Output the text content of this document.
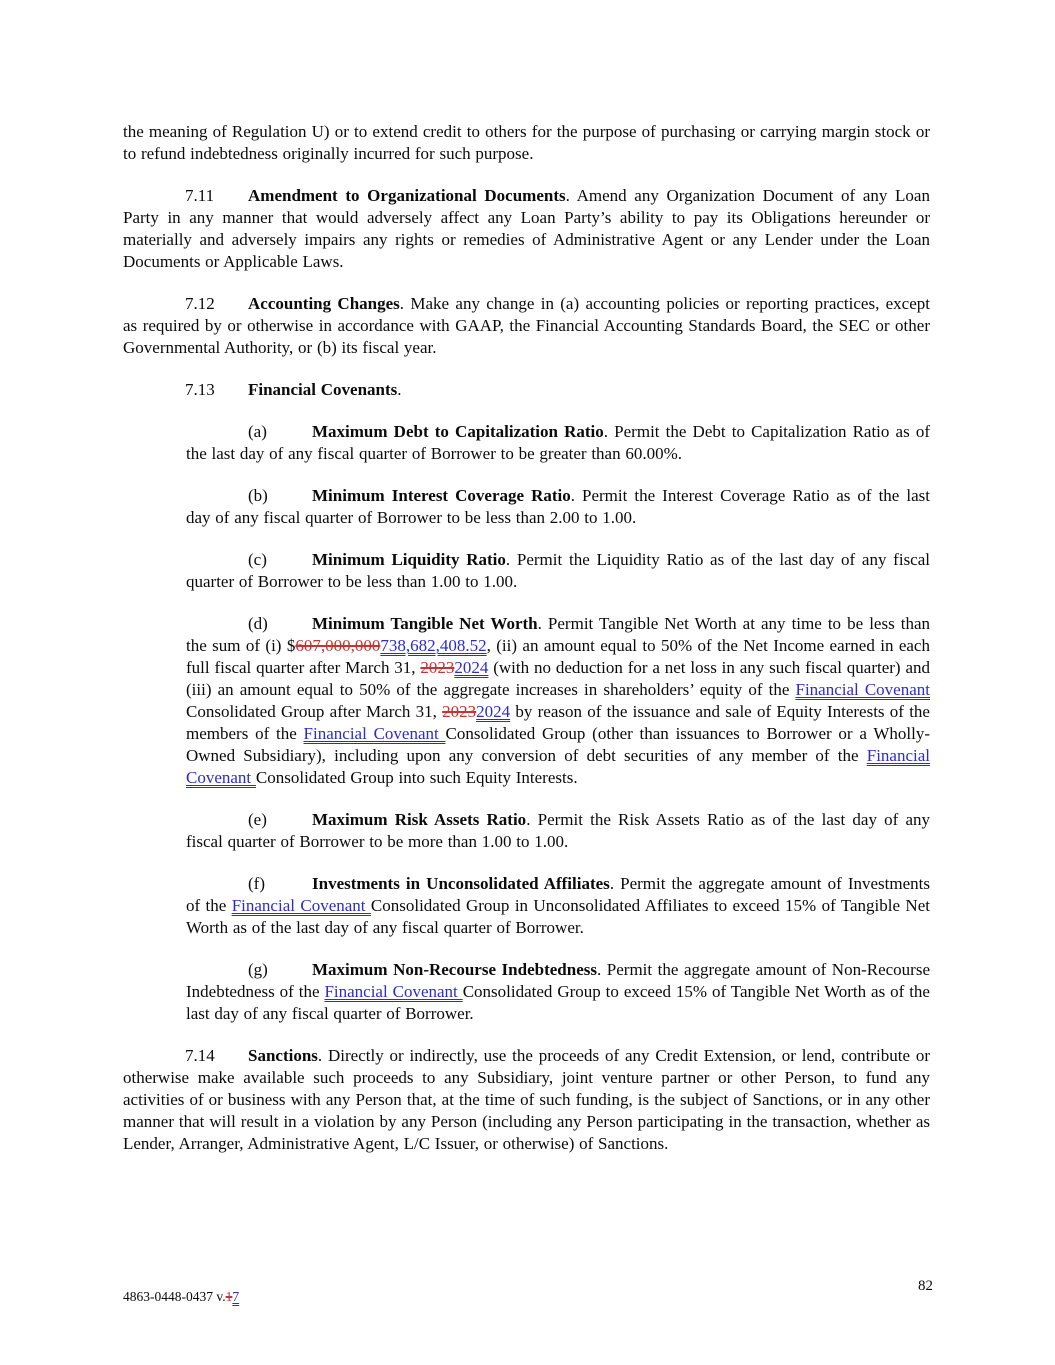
the meaning of Regulation U) or to extend credit to others for the purpose of purchasing or carrying margin stock or to refund indebtedness originally incurred for such purpose.

7.11 Amendment to Organizational Documents. Amend any Organization Document of any Loan Party in any manner that would adversely affect any Loan Party’s ability to pay its Obligations hereunder or materially and adversely impairs any rights or remedies of Administrative Agent or any Lender under the Loan Documents or Applicable Laws.

7.12 Accounting Changes. Make any change in (a) accounting policies or reporting practices, except as required by or otherwise in accordance with GAAP, the Financial Accounting Standards Board, the SEC or other Governmental Authority, or (b) its fiscal year.

7.13 Financial Covenants.

(a)	Maximum Debt to Capitalization Ratio. Permit the Debt to Capitalization Ratio as of the last day of any fiscal quarter of Borrower to be greater than 60.00%.

(b)	Minimum Interest Coverage Ratio. Permit the Interest Coverage Ratio as of the last day of any fiscal quarter of Borrower to be less than 2.00 to 1.00.

(c)	Minimum Liquidity Ratio. Permit the Liquidity Ratio as of the last day of any fiscal quarter of Borrower to be less than 1.00 to 1.00.

(d)	Minimum Tangible Net Worth. Permit Tangible Net Worth at any time to be less than the sum of (i) $607,000,000738,682,408.52, (ii) an amount equal to 50% of the Net Income earned in each full fiscal quarter after March 31, 20232024 (with no deduction for a net loss in any such fiscal quarter) and (iii) an amount equal to 50% of the aggregate increases in shareholders’ equity of the Financial Covenant Consolidated Group after March 31, 20232024 by reason of the issuance and sale of Equity Interests of the members of the Financial Covenant Consolidated Group (other than issuances to Borrower or a Wholly-Owned Subsidiary), including upon any conversion of debt securities of any member of the Financial Covenant Consolidated Group into such Equity Interests.

(e)	Maximum Risk Assets Ratio. Permit the Risk Assets Ratio as of the last day of any fiscal quarter of Borrower to be more than 1.00 to 1.00.

(f)	Investments in Unconsolidated Affiliates. Permit the aggregate amount of Investments of the Financial Covenant Consolidated Group in Unconsolidated Affiliates to exceed 15% of Tangible Net Worth as of the last day of any fiscal quarter of Borrower.

(g)	Maximum Non-Recourse Indebtedness. Permit the aggregate amount of Non-Recourse Indebtedness of the Financial Covenant Consolidated Group to exceed 15% of Tangible Net Worth as of the last day of any fiscal quarter of Borrower.

7.14 Sanctions. Directly or indirectly, use the proceeds of any Credit Extension, or lend, contribute or otherwise make available such proceeds to any Subsidiary, joint venture partner or other Person, to fund any activities of or business with any Person that, at the time of such funding, is the subject of Sanctions, or in any other manner that will result in a violation by any Person (including any Person participating in the transaction, whether as Lender, Arranger, Administrative Agent, L/C Issuer, or otherwise) of Sanctions.

4863-0448-0437 v.17
82
